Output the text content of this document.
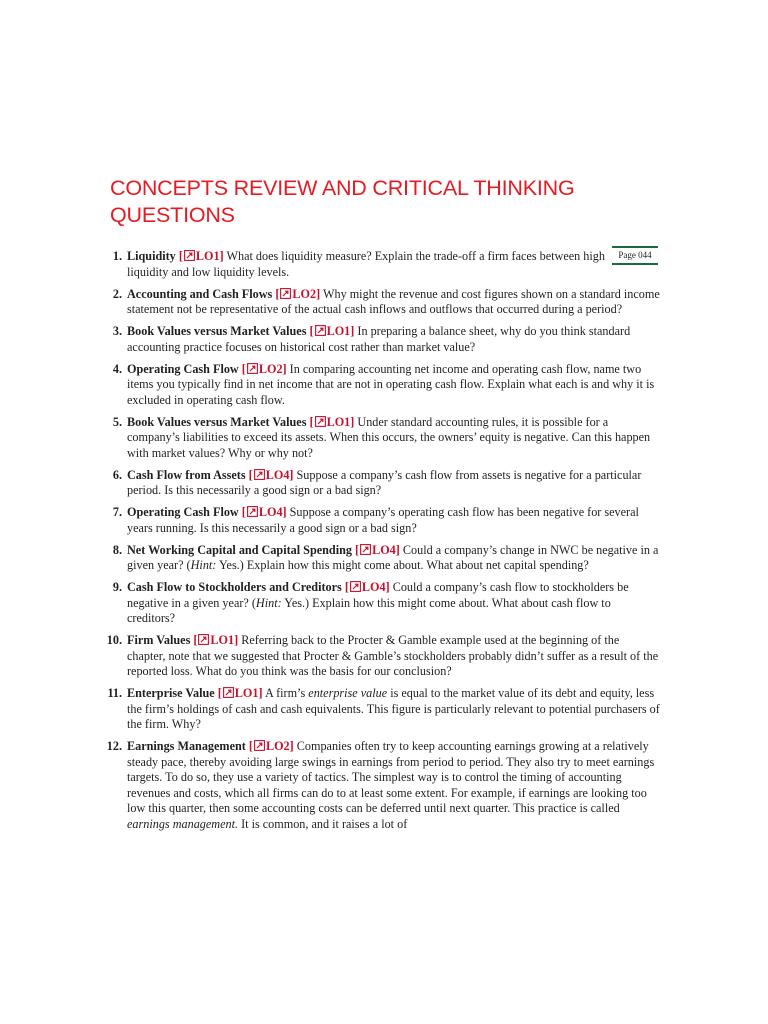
CONCEPTS REVIEW AND CRITICAL THINKING QUESTIONS
Page 044
1. Liquidity [ LO1] What does liquidity measure? Explain the trade-off a firm faces between high liquidity and low liquidity levels.
2. Accounting and Cash Flows [ LO2] Why might the revenue and cost figures shown on a standard income statement not be representative of the actual cash inflows and outflows that occurred during a period?
3. Book Values versus Market Values [ LO1] In preparing a balance sheet, why do you think standard accounting practice focuses on historical cost rather than market value?
4. Operating Cash Flow [ LO2] In comparing accounting net income and operating cash flow, name two items you typically find in net income that are not in operating cash flow. Explain what each is and why it is excluded in operating cash flow.
5. Book Values versus Market Values [ LO1] Under standard accounting rules, it is possible for a company’s liabilities to exceed its assets. When this occurs, the owners’ equity is negative. Can this happen with market values? Why or why not?
6. Cash Flow from Assets [ LO4] Suppose a company’s cash flow from assets is negative for a particular period. Is this necessarily a good sign or a bad sign?
7. Operating Cash Flow [ LO4] Suppose a company’s operating cash flow has been negative for several years running. Is this necessarily a good sign or a bad sign?
8. Net Working Capital and Capital Spending [ LO4] Could a company’s change in NWC be negative in a given year? (Hint: Yes.) Explain how this might come about. What about net capital spending?
9. Cash Flow to Stockholders and Creditors [ LO4] Could a company’s cash flow to stockholders be negative in a given year? (Hint: Yes.) Explain how this might come about. What about cash flow to creditors?
10. Firm Values [ LO1] Referring back to the Procter & Gamble example used at the beginning of the chapter, note that we suggested that Procter & Gamble’s stockholders probably didn’t suffer as a result of the reported loss. What do you think was the basis for our conclusion?
11. Enterprise Value [ LO1] A firm’s enterprise value is equal to the market value of its debt and equity, less the firm’s holdings of cash and cash equivalents. This figure is particularly relevant to potential purchasers of the firm. Why?
12. Earnings Management [ LO2] Companies often try to keep accounting earnings growing at a relatively steady pace, thereby avoiding large swings in earnings from period to period. They also try to meet earnings targets. To do so, they use a variety of tactics. The simplest way is to control the timing of accounting revenues and costs, which all firms can do to at least some extent. For example, if earnings are looking too low this quarter, then some accounting costs can be deferred until next quarter. This practice is called earnings management. It is common, and it raises a lot of
